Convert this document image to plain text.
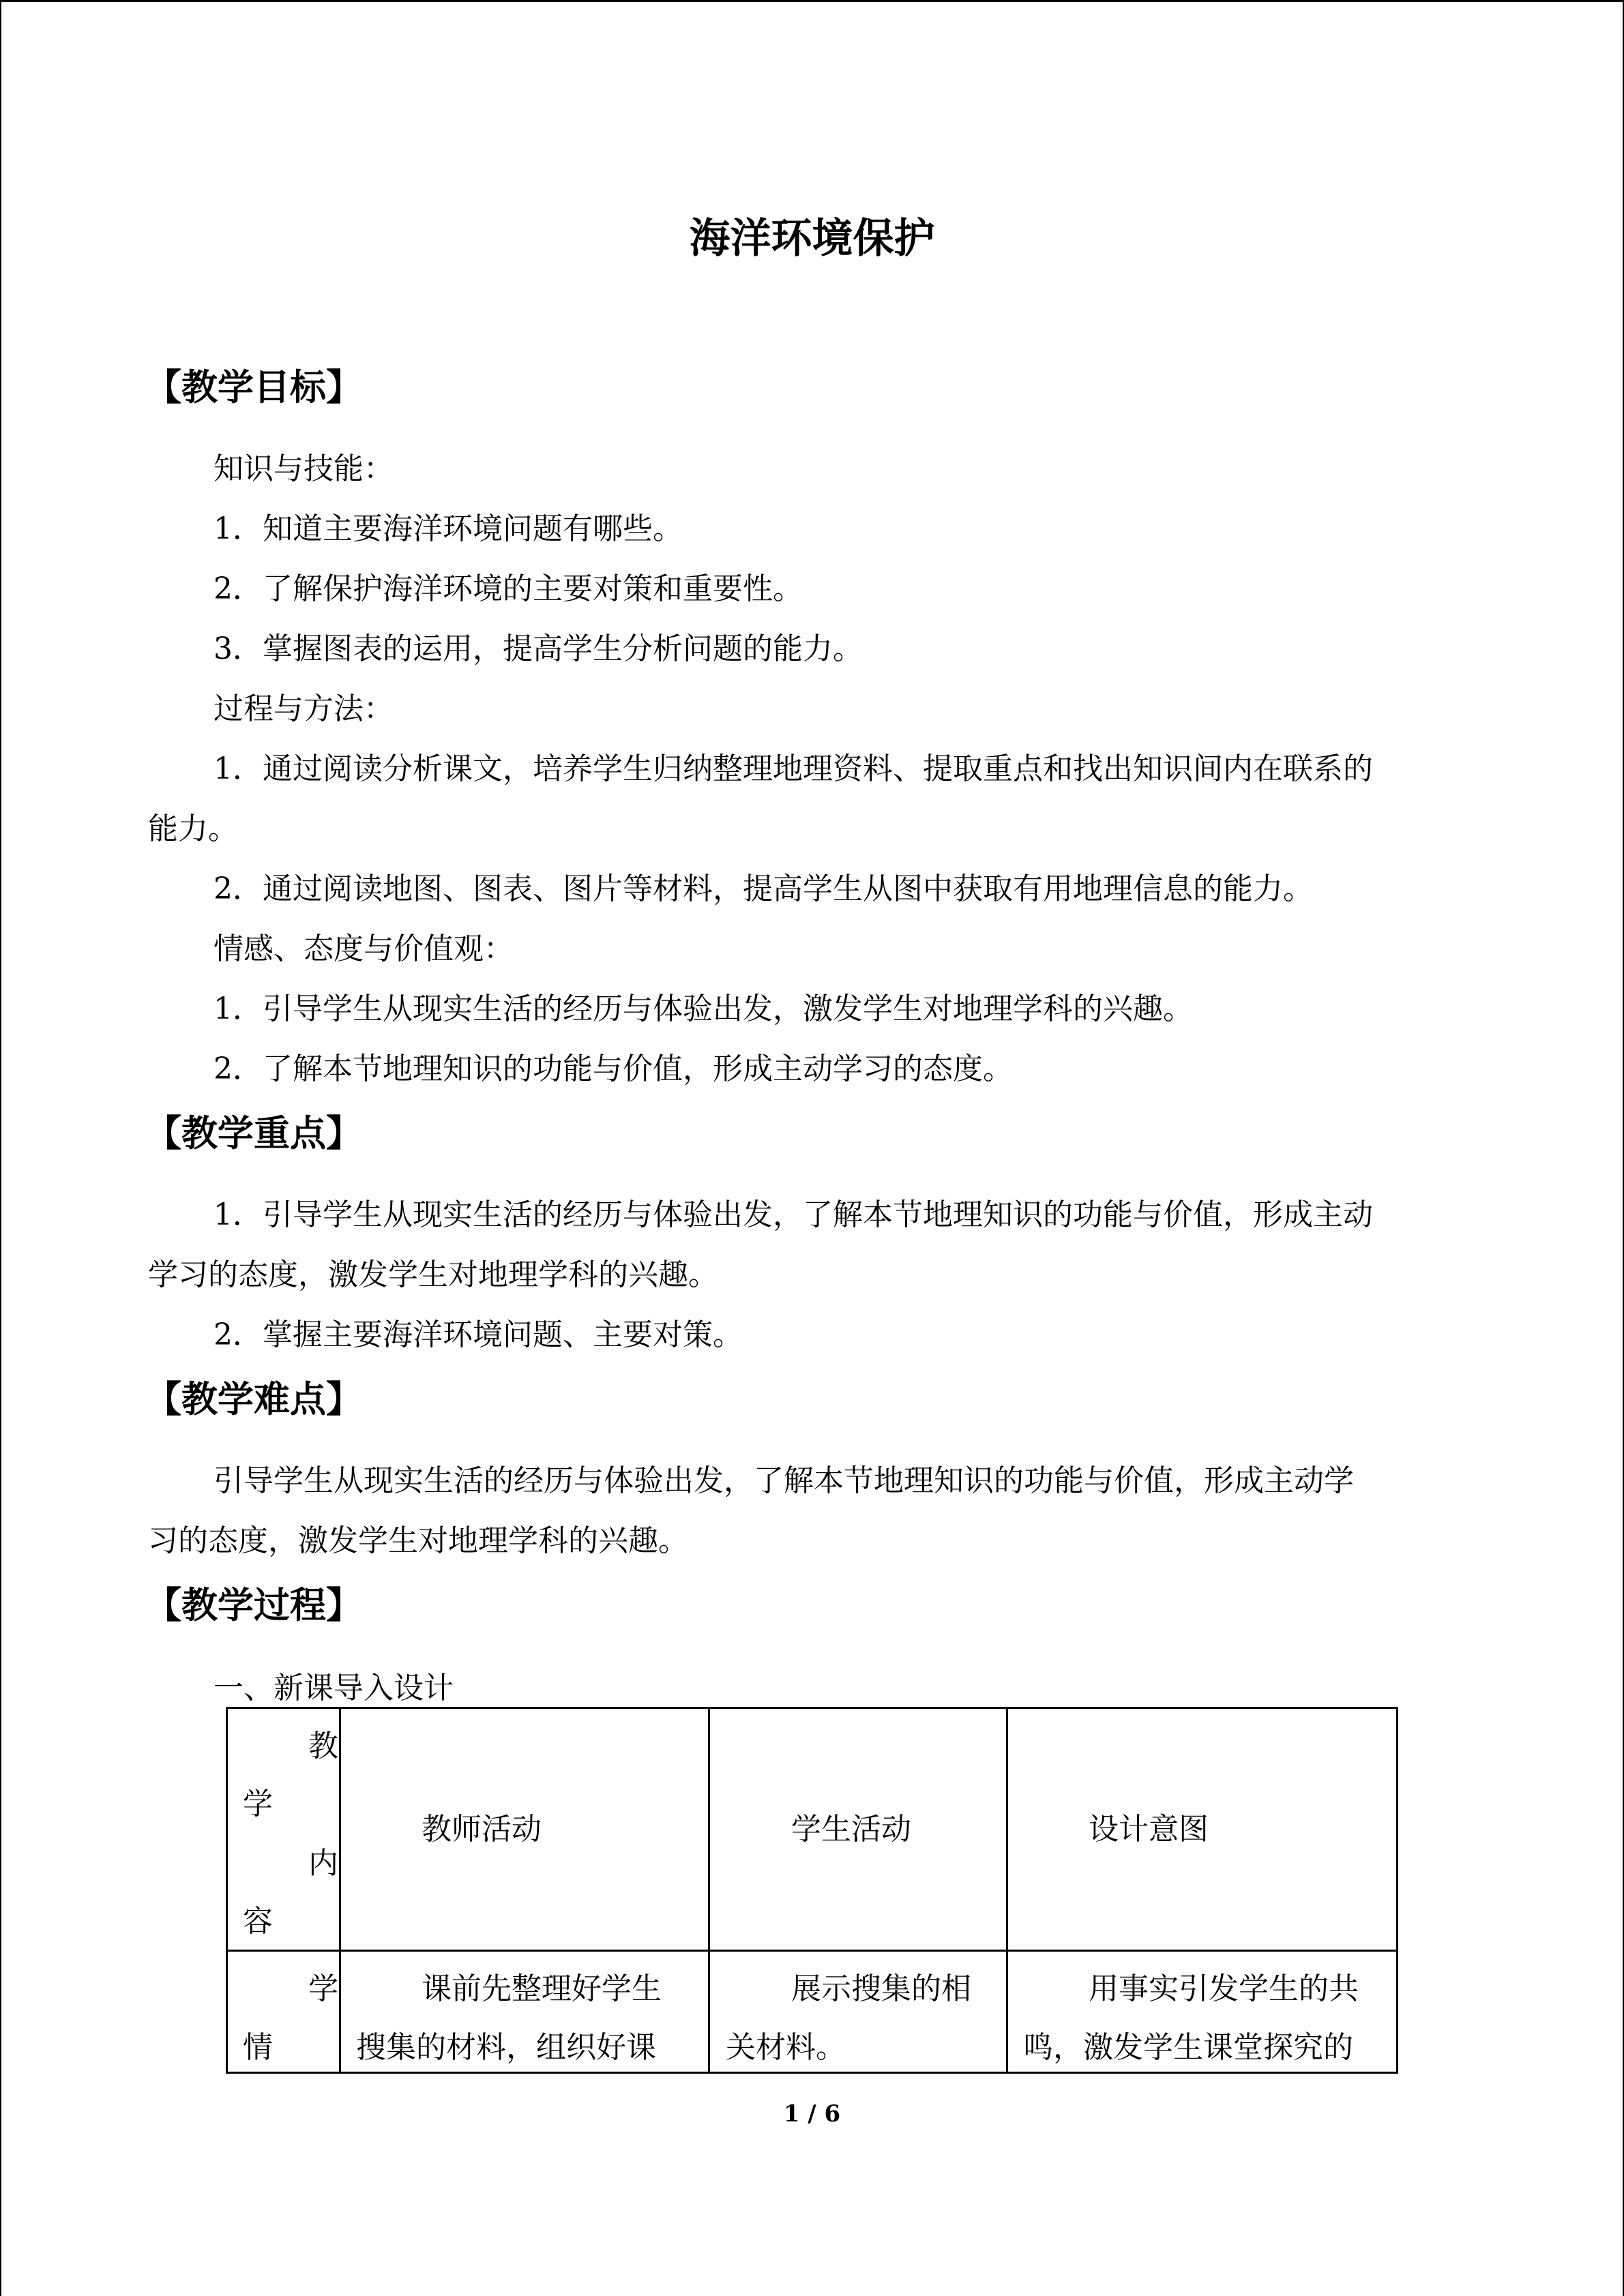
海洋环境保护
【教学目标】
知识与技能：
1．知道主要海洋环境问题有哪些。
2．了解保护海洋环境的主要对策和重要性。
3．掌握图表的运用，提高学生分析问题的能力。
过程与方法：
1．通过阅读分析课文，培养学生归纳整理地理资料、提取重点和找出知识间内在联系的
能力。
2．通过阅读地图、图表、图片等材料，提高学生从图中获取有用地理信息的能力。
情感、态度与价值观：
1．引导学生从现实生活的经历与体验出发，激发学生对地理学科的兴趣。
2．了解本节地理知识的功能与价值，形成主动学习的态度。
【教学重点】
1．引导学生从现实生活的经历与体验出发，了解本节地理知识的功能与价值，形成主动
学习的态度，激发学生对地理学科的兴趣。
2．掌握主要海洋环境问题、主要对策。
【教学难点】
引导学生从现实生活的经历与体验出发，了解本节地理知识的功能与价值，形成主动学
习的态度，激发学生对地理学科的兴趣。
【教学过程】
一、新课导入设计
教
学
内
容
教师活动	学生活动	设计意图
学
情
课前先整理好学生
搜集的材料，组织好课
展示搜集的相
关材料。
用事实引发学生的共
鸣，激发学生课堂探究的
1 / 6
